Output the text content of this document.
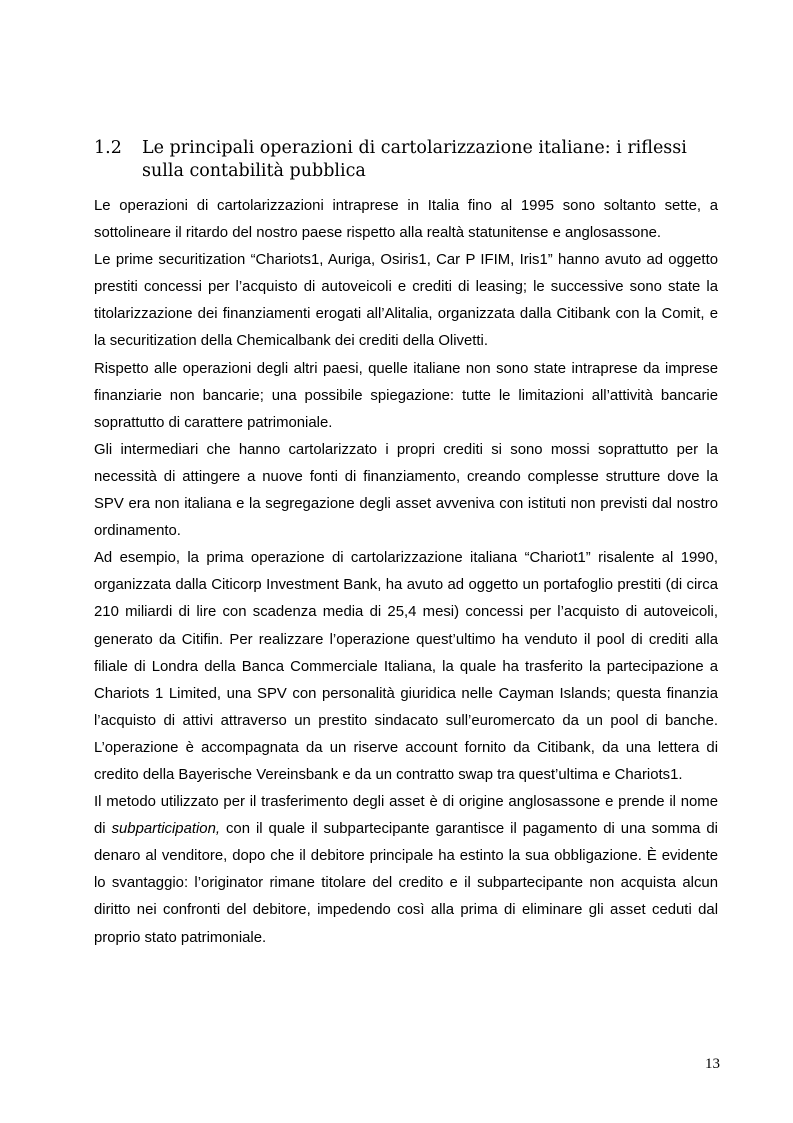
1.2 Le principali operazioni di cartolarizzazione italiane: i riflessi sulla contabilità pubblica

Le operazioni di cartolarizzazioni intraprese in Italia fino al 1995 sono soltanto sette, a sottolineare il ritardo del nostro paese rispetto alla realtà statunitense e anglosassone.

Le prime securitization “Chariots1, Auriga, Osiris1, Car P IFIM, Iris1” hanno avuto ad oggetto prestiti concessi per l’acquisto di autoveicoli e crediti di leasing; le successive sono state la titolarizzazione dei finanziamenti erogati all’Alitalia, organizzata dalla Citibank con la Comit, e la securitization della Chemicalbank dei crediti della Olivetti.

Rispetto alle operazioni degli altri paesi, quelle italiane non sono state intraprese da imprese finanziarie non bancarie; una possibile spiegazione: tutte le limitazioni all’attività bancarie soprattutto di carattere patrimoniale.

Gli intermediari che hanno cartolarizzato i propri crediti si sono mossi soprattutto per la necessità di attingere a nuove fonti di finanziamento, creando complesse strutture dove la SPV era non italiana e la segregazione degli asset avveniva con istituti non previsti dal nostro ordinamento.

Ad esempio, la prima operazione di cartolarizzazione italiana “Chariot1” risalente al 1990, organizzata dalla Citicorp Investment Bank, ha avuto ad oggetto un portafoglio prestiti (di circa 210 miliardi di lire con scadenza media di 25,4 mesi) concessi per l’acquisto di autoveicoli, generato da Citifin. Per realizzare l’operazione quest’ultimo ha venduto il pool di crediti alla filiale di Londra della Banca Commerciale Italiana, la quale ha trasferito la partecipazione a Chariots 1 Limited, una SPV con personalità giuridica nelle Cayman Islands; questa finanzia l’acquisto di attivi attraverso un prestito sindacato sull’euromercato da un pool di banche. L’operazione è accompagnata da un riserve account fornito da Citibank, da una lettera di credito della Bayerische Vereinsbank e da un contratto swap tra quest’ultima e Chariots1.

Il metodo utilizzato per il trasferimento degli asset è di origine anglosassone e prende il nome di subparticipation, con il quale il subpartecipante garantisce il pagamento di una somma di denaro al venditore, dopo che il debitore principale ha estinto la sua obbligazione. È evidente lo svantaggio: l’originator rimane titolare del credito e il subpartecipante non acquista alcun diritto nei confronti del debitore, impedendo così alla prima di eliminare gli asset ceduti dal proprio stato patrimoniale.

13
